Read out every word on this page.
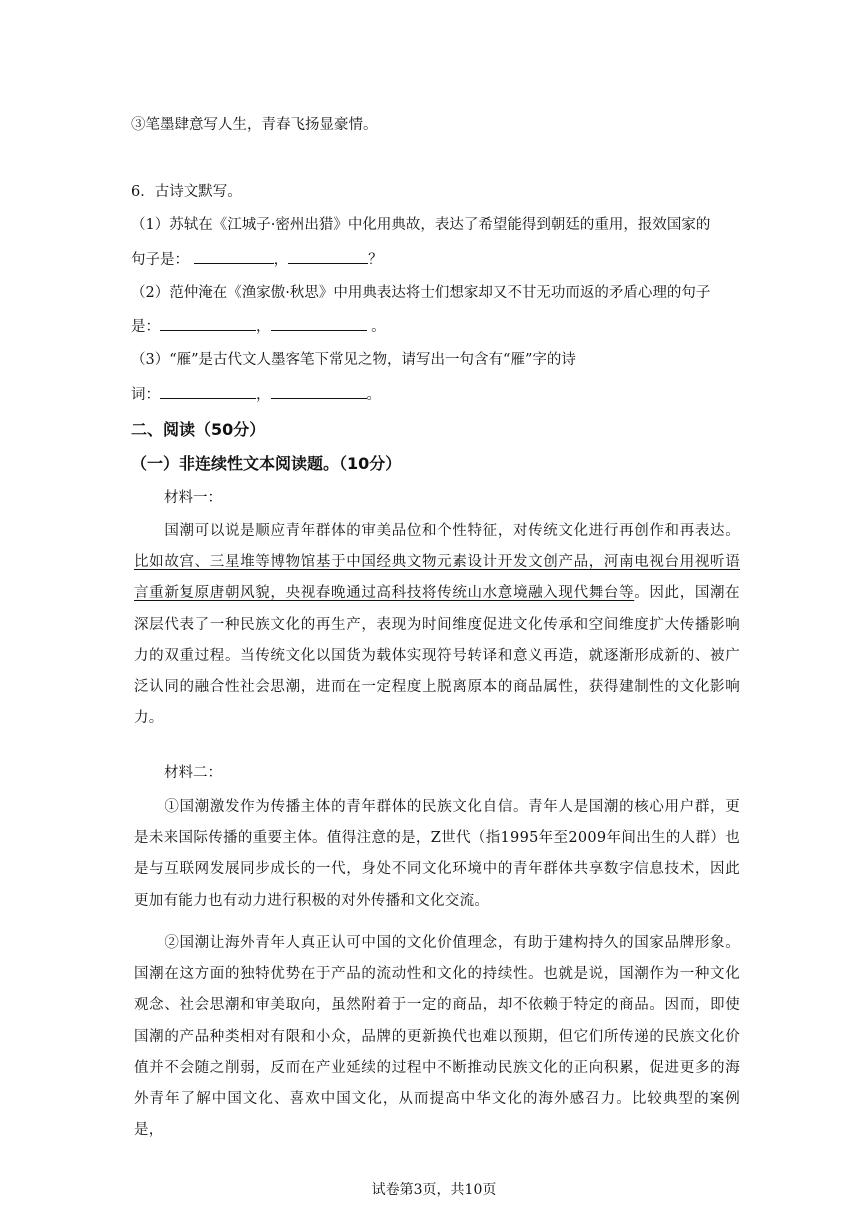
③笔墨肆意写人生，青春飞扬显豪情。
6．古诗文默写。
（1）苏轼在《江城子·密州出猎》中化用典故，表达了希望能得到朝廷的重用，报效国家的
句子是：	，	？
（2）范仲淹在《渔家傲·秋思》中用典表达将士们想家却又不甘无功而返的矛盾心理的句子
是：	，	。
（3）“雁”是古代文人墨客笔下常见之物，请写出一句含有“雁”字的诗
词：	，	。
二、阅读（50分）
（一）非连续性文本阅读题。（10分）
材料一：
国潮可以说是顺应青年群体的审美品位和个性特征，对传统文化进行再创作和再表达。比如故宫、三星堆等博物馆基于中国经典文物元素设计开发文创产品，河南电视台用视听语言重新复原唐朝风貌，央视春晚通过高科技将传统山水意境融入现代舞台等。因此，国潮在深层代表了一种民族文化的再生产，表现为时间维度促进文化传承和空间维度扩大传播影响力的双重过程。当传统文化以国货为载体实现符号转译和意义再造，就逐渐形成新的、被广泛认同的融合性社会思潮，进而在一定程度上脱离原本的商品属性，获得建制性的文化影响力。
材料二：
①国潮激发作为传播主体的青年群体的民族文化自信。青年人是国潮的核心用户群，更是未来国际传播的重要主体。值得注意的是，Z世代（指1995年至2009年间出生的人群）也是与互联网发展同步成长的一代，身处不同文化环境中的青年群体共享数字信息技术，因此更加有能力也有动力进行积极的对外传播和文化交流。
②国潮让海外青年人真正认可中国的文化价值理念，有助于建构持久的国家品牌形象。国潮在这方面的独特优势在于产品的流动性和文化的持续性。也就是说，国潮作为一种文化观念、社会思潮和审美取向，虽然附着于一定的商品，却不依赖于特定的商品。因而，即使国潮的产品种类相对有限和小众，品牌的更新换代也难以预期，但它们所传递的民族文化价值并不会随之削弱，反而在产业延续的过程中不断推动民族文化的正向积累，促进更多的海外青年了解中国文化、喜欢中国文化，从而提高中华文化的海外感召力。比较典型的案例是，
试卷第3页，共10页
